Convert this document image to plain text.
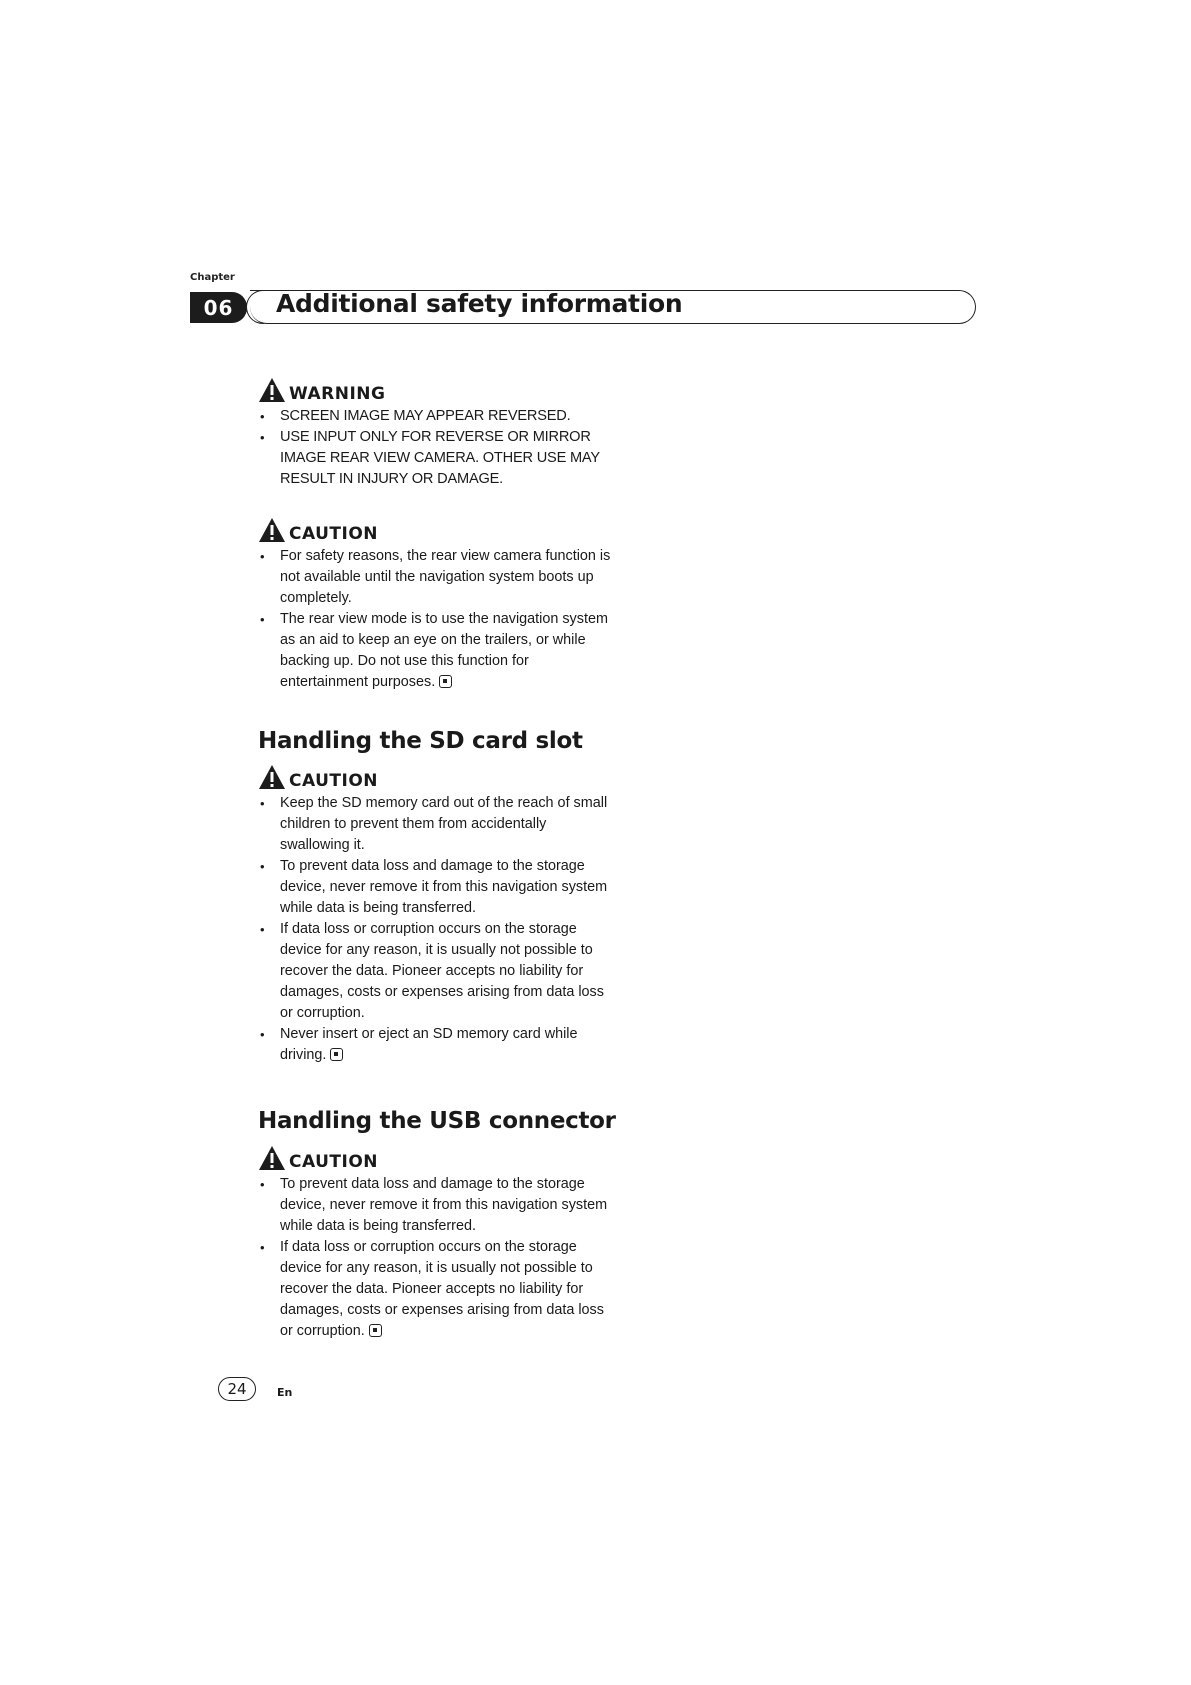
Chapter
06	Additional safety information
WARNING
• SCREEN IMAGE MAY APPEAR REVERSED.
• USE INPUT ONLY FOR REVERSE OR MIRROR IMAGE REAR VIEW CAMERA. OTHER USE MAY RESULT IN INJURY OR DAMAGE.
CAUTION
• For safety reasons, the rear view camera function is not available until the navigation system boots up completely.
• The rear view mode is to use the navigation system as an aid to keep an eye on the trailers, or while backing up. Do not use this function for entertainment purposes.
Handling the SD card slot
CAUTION
• Keep the SD memory card out of the reach of small children to prevent them from accidentally swallowing it.
• To prevent data loss and damage to the storage device, never remove it from this navigation system while data is being transferred.
• If data loss or corruption occurs on the storage device for any reason, it is usually not possible to recover the data. Pioneer accepts no liability for damages, costs or expenses arising from data loss or corruption.
• Never insert or eject an SD memory card while driving.
Handling the USB connector
CAUTION
• To prevent data loss and damage to the storage device, never remove it from this navigation system while data is being transferred.
• If data loss or corruption occurs on the storage device for any reason, it is usually not possible to recover the data. Pioneer accepts no liability for damages, costs or expenses arising from data loss or corruption.
24	En
